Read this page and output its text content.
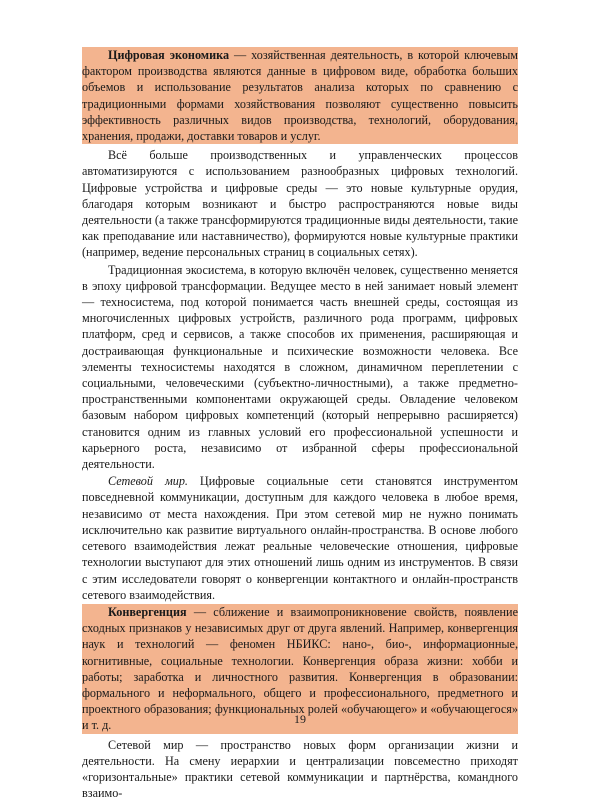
Цифровая экономика — хозяйственная деятельность, в которой ключевым фактором производства являются данные в цифровом виде, обработка больших объемов и использование результатов анализа которых по сравнению с традиционными формами хозяйствования позволяют существенно повысить эффективность различных видов производства, технологий, оборудования, хранения, продажи, доставки товаров и услуг.

Всё больше производственных и управленческих процессов автоматизируются с использованием разнообразных цифровых технологий. Цифровые устройства и цифровые среды — это новые культурные орудия, благодаря которым возникают и быстро распространяются новые виды деятельности (а также трансформируются традиционные виды деятельности, такие как преподавание или наставничество), формируются новые культурные практики (например, ведение персональных страниц в социальных сетях).

Традиционная экосистема, в которую включён человек, существенно меняется в эпоху цифровой трансформации. Ведущее место в ней занимает новый элемент — техносистема, под которой понимается часть внешней среды, состоящая из многочисленных цифровых устройств, различного рода программ, цифровых платформ, сред и сервисов, а также способов их применения, расширяющая и достраивающая функциональные и психические возможности человека. Все элементы техносистемы находятся в сложном, динамичном переплетении с социальными, человеческими (субъектно-личностными), а также предметно-пространственными компонентами окружающей среды. Овладение человеком базовым набором цифровых компетенций (который непрерывно расширяется) становится одним из главных условий его профессиональной успешности и карьерного роста, независимо от избранной сферы профессиональной деятельности.

Сетевой мир. Цифровые социальные сети становятся инструментом повседневной коммуникации, доступным для каждого человека в любое время, независимо от места нахождения. При этом сетевой мир не нужно понимать исключительно как развитие виртуального онлайн-пространства. В основе любого сетевого взаимодействия лежат реальные человеческие отношения, цифровые технологии выступают для этих отношений лишь одним из инструментов. В связи с этим исследователи говорят о конвергенции контактного и онлайн-пространств сетевого взаимодействия.

Конвергенция — сближение и взаимопроникновение свойств, появление сходных признаков у независимых друг от друга явлений. Например, конвергенция наук и технологий — феномен НБИКС: нано-, био-, информационные, когнитивные, социальные технологии. Конвергенция образа жизни: хобби и работы; заработка и личностного развития. Конвергенция в образовании: формального и неформального, общего и профессионального, предметного и проектного образования; функциональных ролей «обучающего» и «обучающегося» и т. д.

Сетевой мир — пространство новых форм организации жизни и деятельности. На смену иерархии и централизации повсеместно приходят «горизонтальные» практики сетевой коммуникации и партнёрства, командного взаимо-

19
